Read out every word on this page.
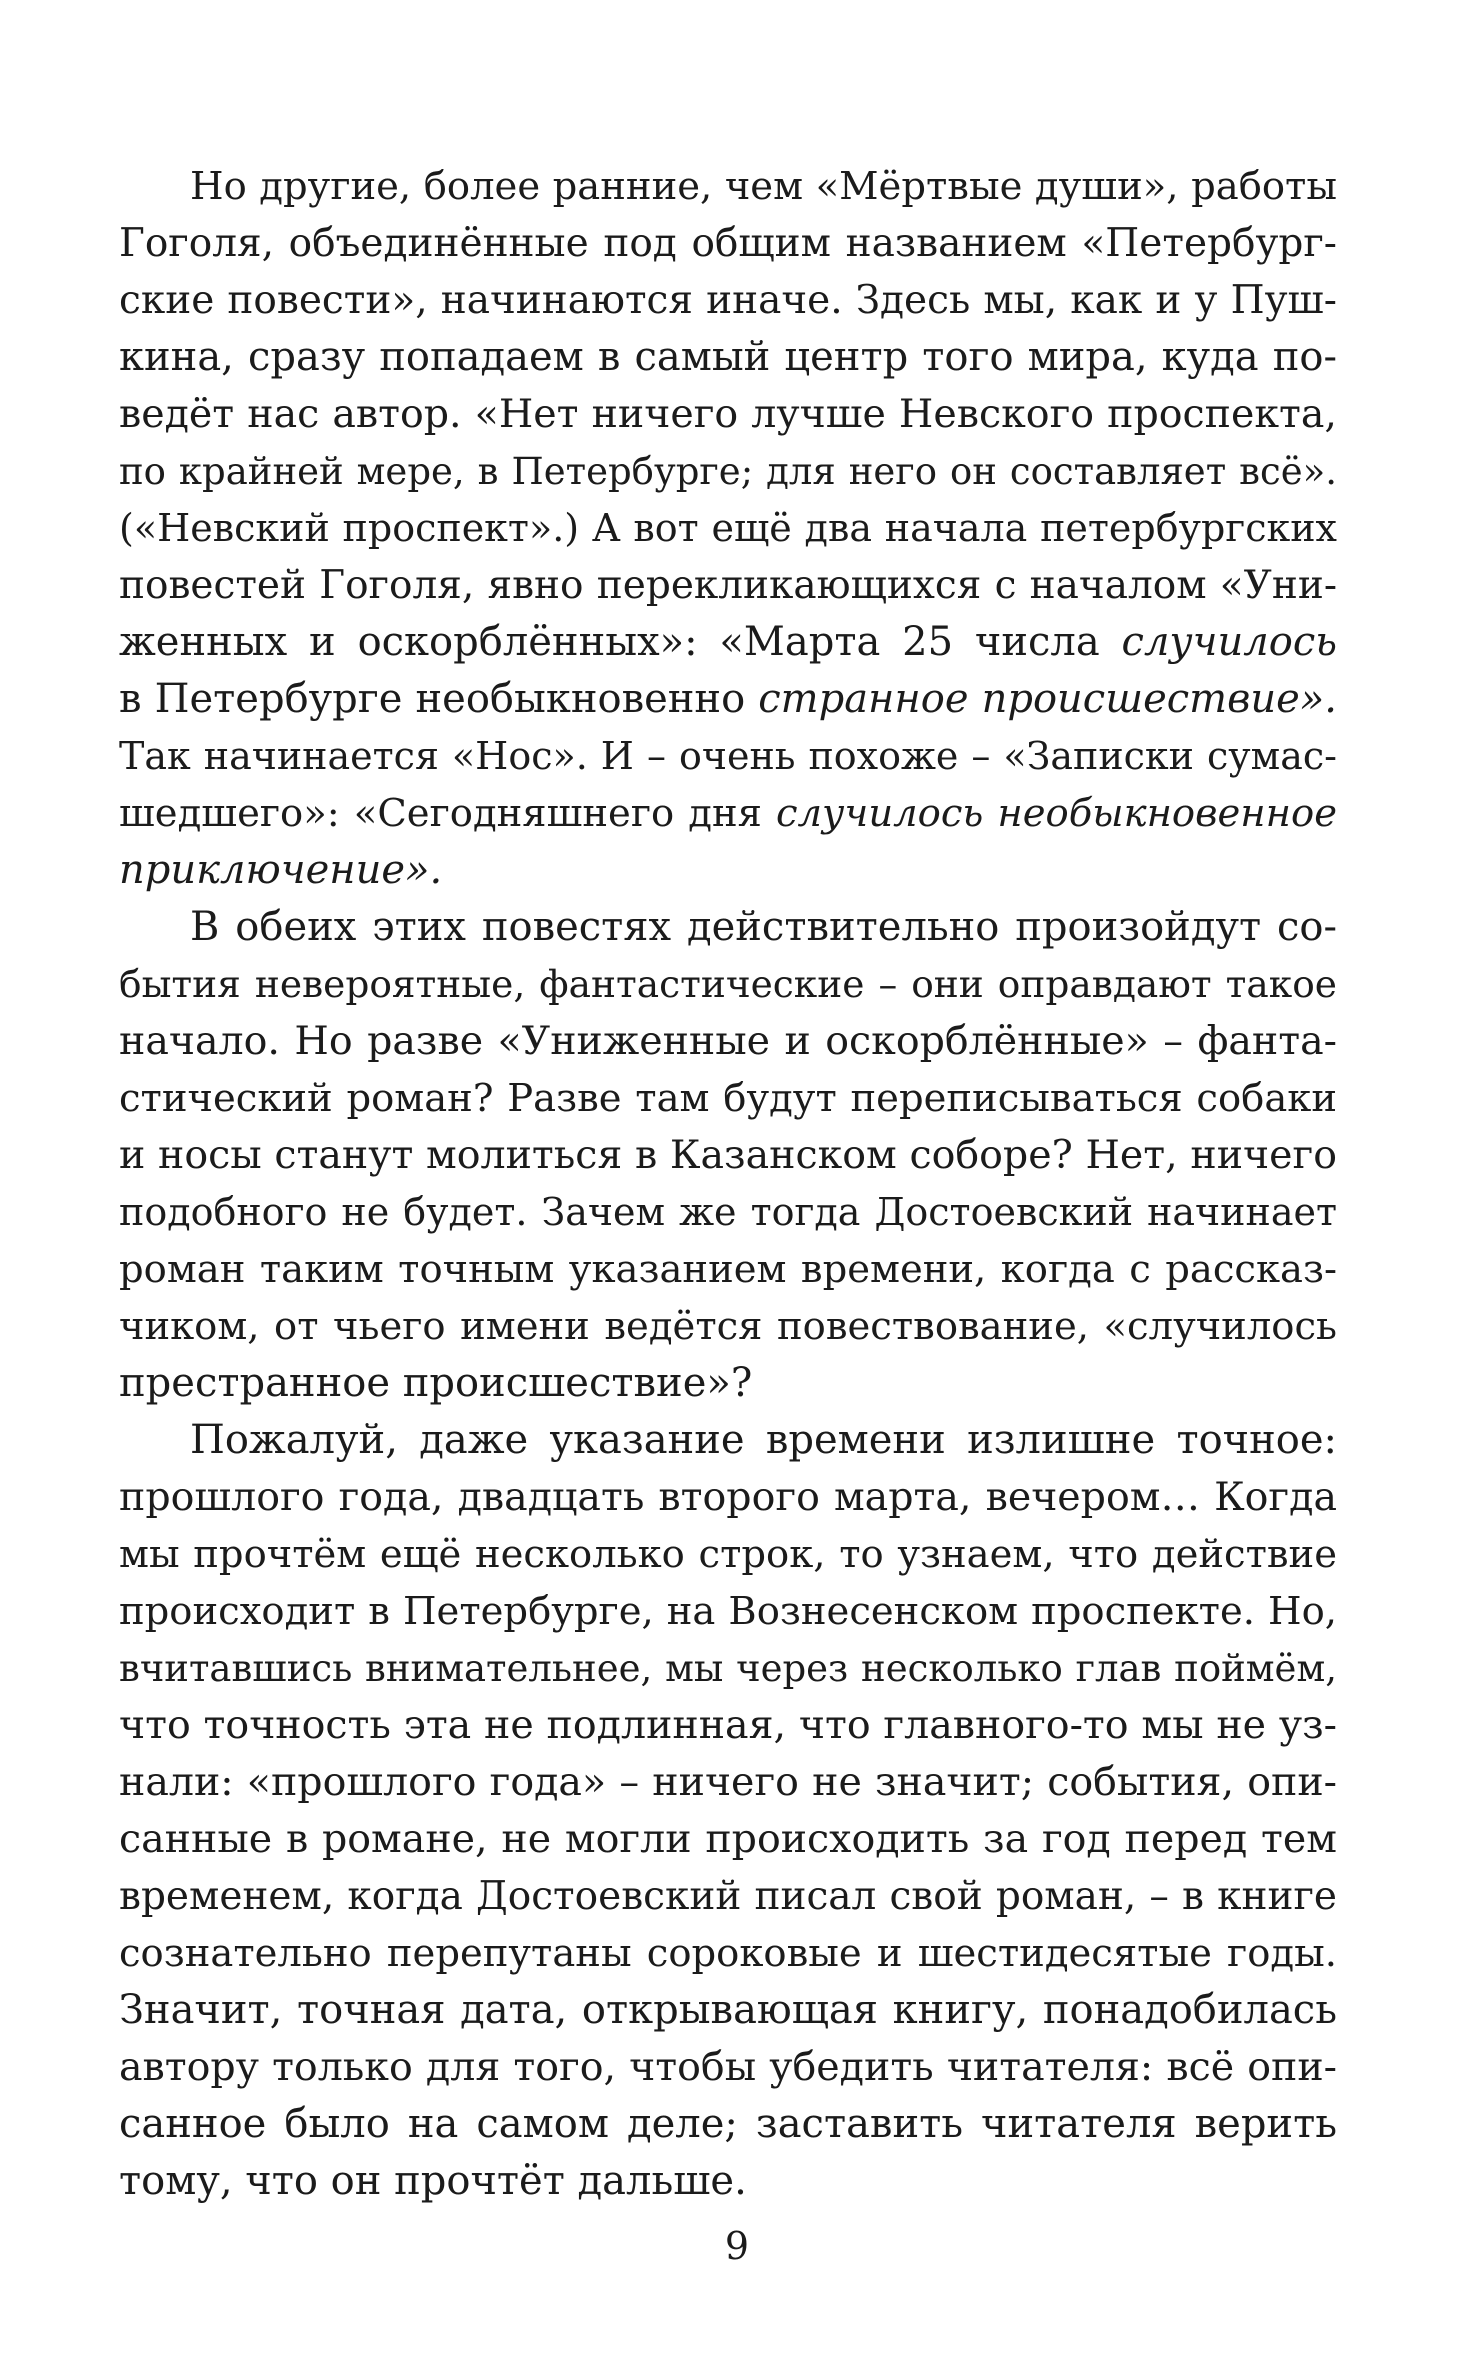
Но другие, более ранние, чем «Мёртвые души», работы
Гоголя, объединённые под общим названием «Петербург-
ские повести», начинаются иначе. Здесь мы, как и у Пуш-
кина, сразу попадаем в самый центр того мира, куда по-
ведёт нас автор. «Нет ничего лучше Невского проспекта,
по крайней мере, в Петербурге; для него он составляет всё».
(«Невский проспект».) А вот ещё два начала петербургских
повестей Гоголя, явно перекликающихся с началом «Уни-
женных и оскорблённых»: «Марта 25 числа случилось
в Петербурге необыкновенно странное происшествие».
Так начинается «Нос». И – очень похоже – «Записки сумас-
шедшего»: «Сегодняшнего дня случилось необыкновенное
приключение».
В обеих этих повестях действительно произойдут со-
бытия невероятные, фантастические – они оправдают такое
начало. Но разве «Униженные и оскорблённые» – фанта-
стический роман? Разве там будут переписываться собаки
и носы станут молиться в Казанском соборе? Нет, ничего
подобного не будет. Зачем же тогда Достоевский начинает
роман таким точным указанием времени, когда с рассказ-
чиком, от чьего имени ведётся повествование, «случилось
престранное происшествие»?
Пожалуй, даже указание времени излишне точное:
прошлого года, двадцать второго марта, вечером… Когда
мы прочтём ещё несколько строк, то узнаем, что действие
происходит в Петербурге, на Вознесенском проспекте. Но,
вчитавшись внимательнее, мы через несколько глав поймём,
что точность эта не подлинная, что главного-то мы не уз-
нали: «прошлого года» – ничего не значит; события, опи-
санные в романе, не могли происходить за год перед тем
временем, когда Достоевский писал свой роман, – в книге
сознательно перепутаны сороковые и шестидесятые годы.
Значит, точная дата, открывающая книгу, понадобилась
автору только для того, чтобы убедить читателя: всё опи-
санное было на самом деле; заставить читателя верить
тому, что он прочтёт дальше.
9
